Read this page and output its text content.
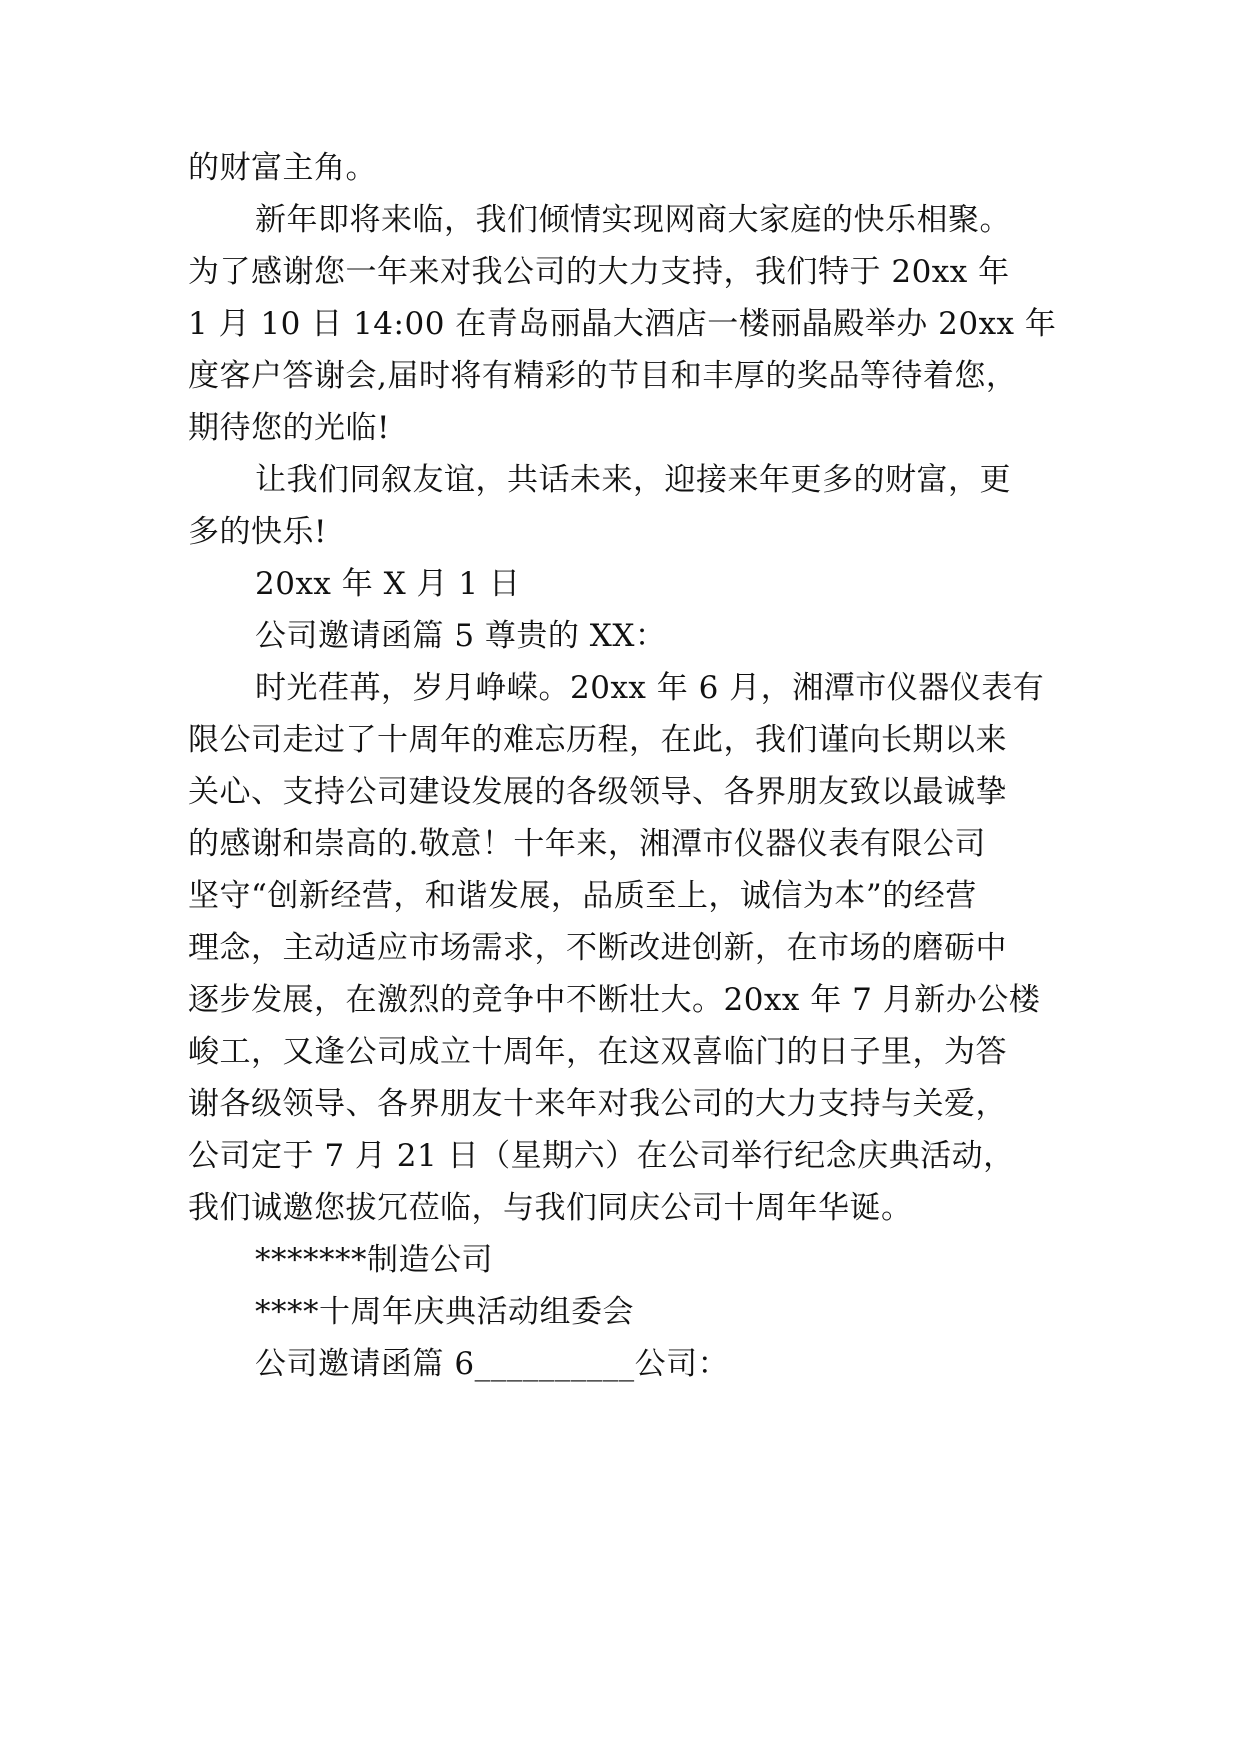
的财富主角。
新年即将来临，我们倾情实现网商大家庭的快乐相聚。
为了感谢您一年来对我公司的大力支持，我们特于 20xx 年
1 月 10 日 14:00 在青岛丽晶大酒店一楼丽晶殿举办 20xx 年
度客户答谢会,届时将有精彩的节目和丰厚的奖品等待着您，
期待您的光临!
让我们同叙友谊，共话未来，迎接来年更多的财富，更
多的快乐!
20xx 年 X 月 1 日
公司邀请函篇 5 尊贵的 XX：
时光荏苒，岁月峥嵘。20xx 年 6 月，湘潭市仪器仪表有
限公司走过了十周年的难忘历程，在此，我们谨向长期以来
关心、支持公司建设发展的各级领导、各界朋友致以最诚挚
的感谢和崇高的.敬意！十年来，湘潭市仪器仪表有限公司
坚守“创新经营，和谐发展，品质至上，诚信为本”的经营
理念，主动适应市场需求，不断改进创新，在市场的磨砺中
逐步发展，在激烈的竞争中不断壮大。20xx 年 7 月新办公楼
峻工，又逢公司成立十周年，在这双喜临门的日子里，为答
谢各级领导、各界朋友十来年对我公司的大力支持与关爱，
公司定于 7 月 21 日（星期六）在公司举行纪念庆典活动，
我们诚邀您拔冗莅临，与我们同庆公司十周年华诞。
*******制造公司
****十周年庆典活动组委会
公司邀请函篇 6__________公司：
